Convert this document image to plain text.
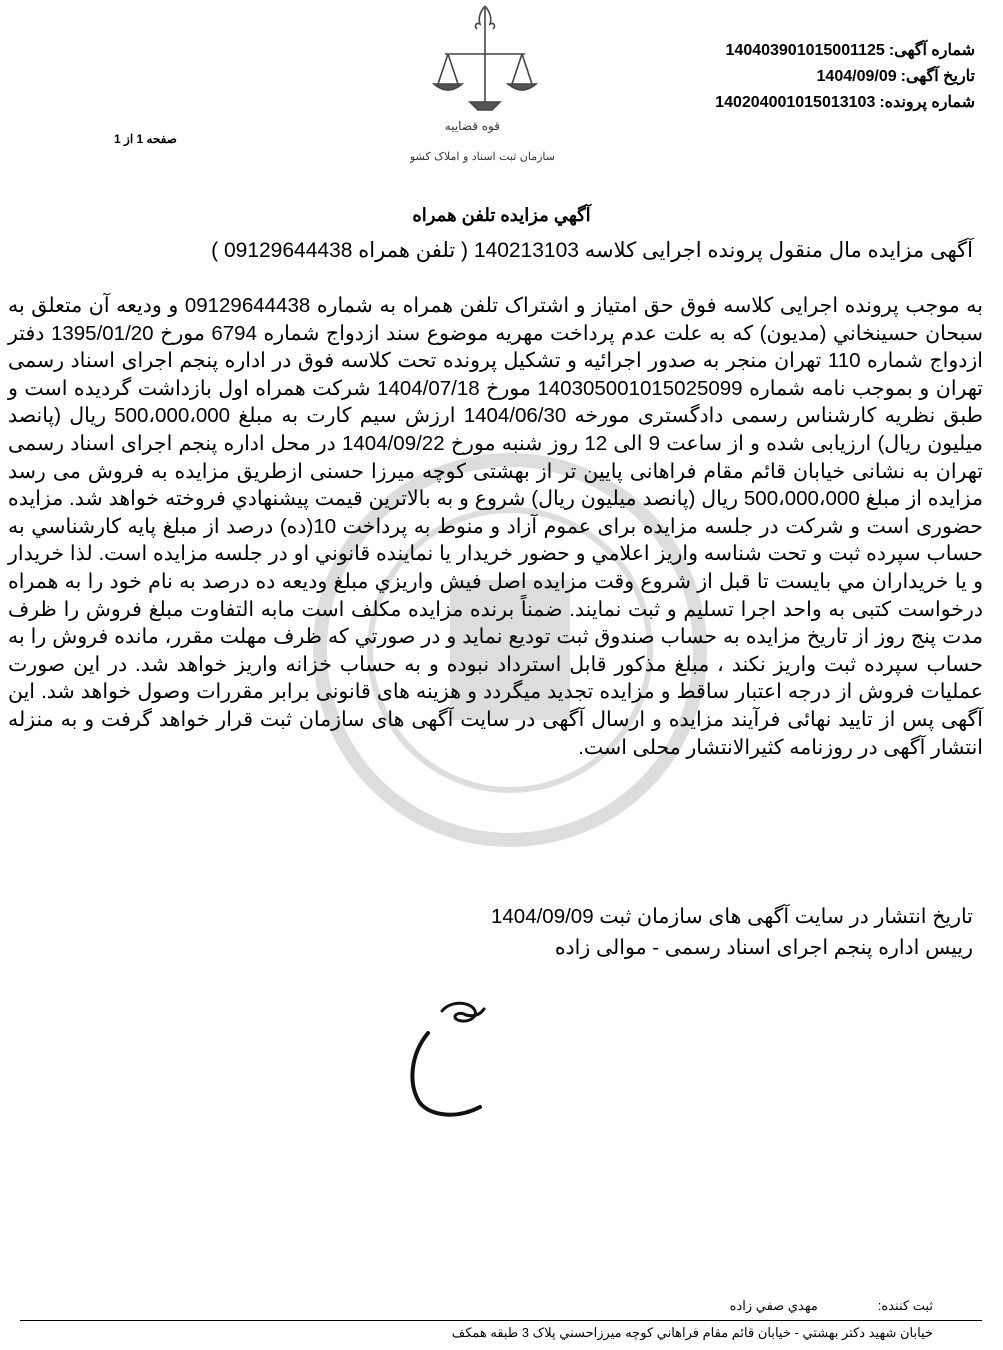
قوه قضاییه
سازمان ثبت اسناد و املاک کشور
شماره آگهی:
14040390101500112​5
تاریخ آگهی:
1404/09/09
شماره پرونده:
140204001015013103
صفحه 1 از 1
آگهي مزايده تلفن همراه
آگهی مزایده مال منقول پرونده اجرایی کلاسه 140213103 ( تلفن همراه 09129644438 )
به موجب پرونده اجرایی کلاسه فوق حق امتیاز و اشتراک تلفن همراه به شماره 09129644438 و ودیعه آن متعلق به سبحان حسينخاني (مديون) که به علت عدم پرداخت مهریه موضوع سند ازدواج شماره 6794 مورخ 1395/01/20 دفتر ازدواج شماره 110 تهران منجر به صدور اجرائیه و تشکیل پرونده تحت کلاسه فوق در اداره پنجم اجرای اسناد رسمی تهران و بموجب نامه شماره 140305001015025099 مورخ 1404/07/18 شرکت همراه اول بازداشت گردیده است و طبق نظریه کارشناس رسمی دادگستری مورخه 1404/06/30 ارزش سیم کارت به مبلغ 500،000،000 ریال (پانصد میلیون ریال) ارزیابی شده و از ساعت 9 الی 12 روز شنبه مورخ 1404/09/22 در محل اداره پنجم اجرای اسناد رسمی تهران به نشانی خیابان قائم مقام فراهانی پایین تر از بهشتی کوچه میرزا حسنی ازطریق مزایده به فروش می رسد مزایده از مبلغ 500،000،000 ریال (پانصد میلیون ریال) شروع و به بالاترين قيمت پيشنهادي فروخته خواهد شد. مزایده حضوری است و شرکت در جلسه مزایده برای عموم آزاد و منوط به پرداخت 10(ده) درصد از مبلغ پايه كارشناسي به حساب سپرده ثبت و تحت شناسه واريز اعلامي و حضور خريدار يا نماينده قانوني او در جلسه مزايده است. لذا خريدار و يا خريداران مي بايست تا قبل از شروع وقت مزايده اصل فيش واريزي مبلغ وديعه ده درصد به نام خود را به همراه درخواست کتبی به واحد اجرا تسلیم و ثبت نمایند. ضمناً برنده مزایده مکلف است مابه التفاوت مبلغ فروش را ظرف مدت پنج روز از تاریخ مزایده به حساب صندوق ثبت توديع نمايد و در صورتي كه ظرف مهلت مقرر، مانده فروش را به حساب سپرده ثبت واريز نكند ، مبلغ مذكور قابل استرداد نبوده و به حساب خزانه واريز خواهد شد. در اين صورت عمليات فروش از درجه اعتبار ساقط و مزايده تجديد ميگردد و هزينه های قانونی برابر مقررات وصول خواهد شد. این آگهی پس از تایید نهائی فرآیند مزایده و ارسال آگهی در سایت آگهی های سازمان ثبت قرار خواهد گرفت و به منزله انتشار آگهی در روزنامه کثیرالانتشار محلی است.
تاریخ انتشار در سایت آگهی های سازمان ثبت 1404/09/09
رییس اداره پنجم اجرای اسناد رسمی - موالی زاده
ثبت كننده:
مهدي صفي زاده
خيابان شهيد دكتر بهشتي - خيابان قائم مقام فراهاني كوچه ميرزاحسني پلاک 3 طبقه همكف
